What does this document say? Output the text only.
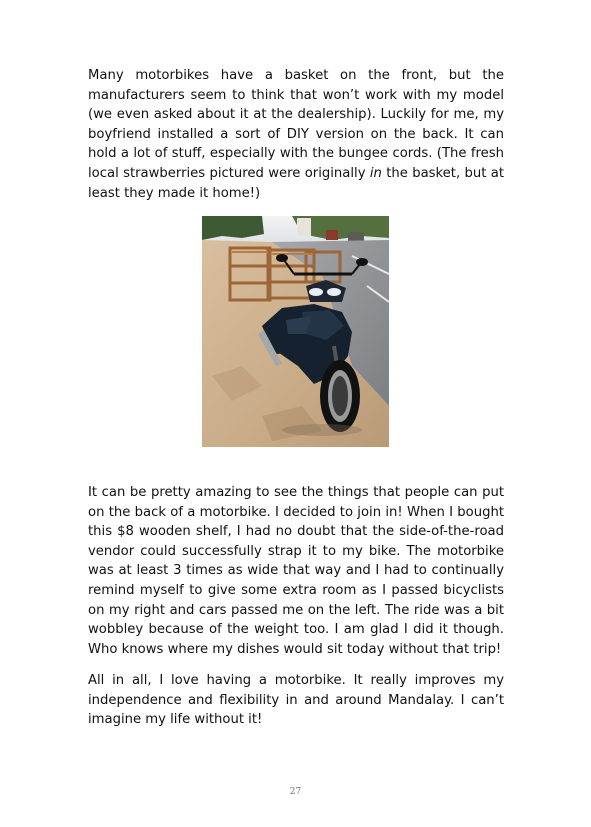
Many motorbikes have a basket on the front, but the manufacturers seem to think that won’t work with my model (we even asked about it at the dealership). Luckily for me, my boyfriend installed a sort of DIY version on the back. It can hold a lot of stuff, especially with the bungee cords. (The fresh local strawberries pictured were originally in the basket, but at least they made it home!)

It can be pretty amazing to see the things that people can put on the back of a motorbike. I decided to join in! When I bought this $8 wooden shelf, I had no doubt that the side-of-the-road vendor could successfully strap it to my bike. The motorbike was at least 3 times as wide that way and I had to continually remind myself to give some extra room as I passed bicyclists on my right and cars passed me on the left. The ride was a bit wobbley because of the weight too. I am glad I did it though. Who knows where my dishes would sit today without that trip!

All in all, I love having a motorbike. It really improves my independence and flexibility in and around Mandalay. I can’t imagine my life without it!

27
